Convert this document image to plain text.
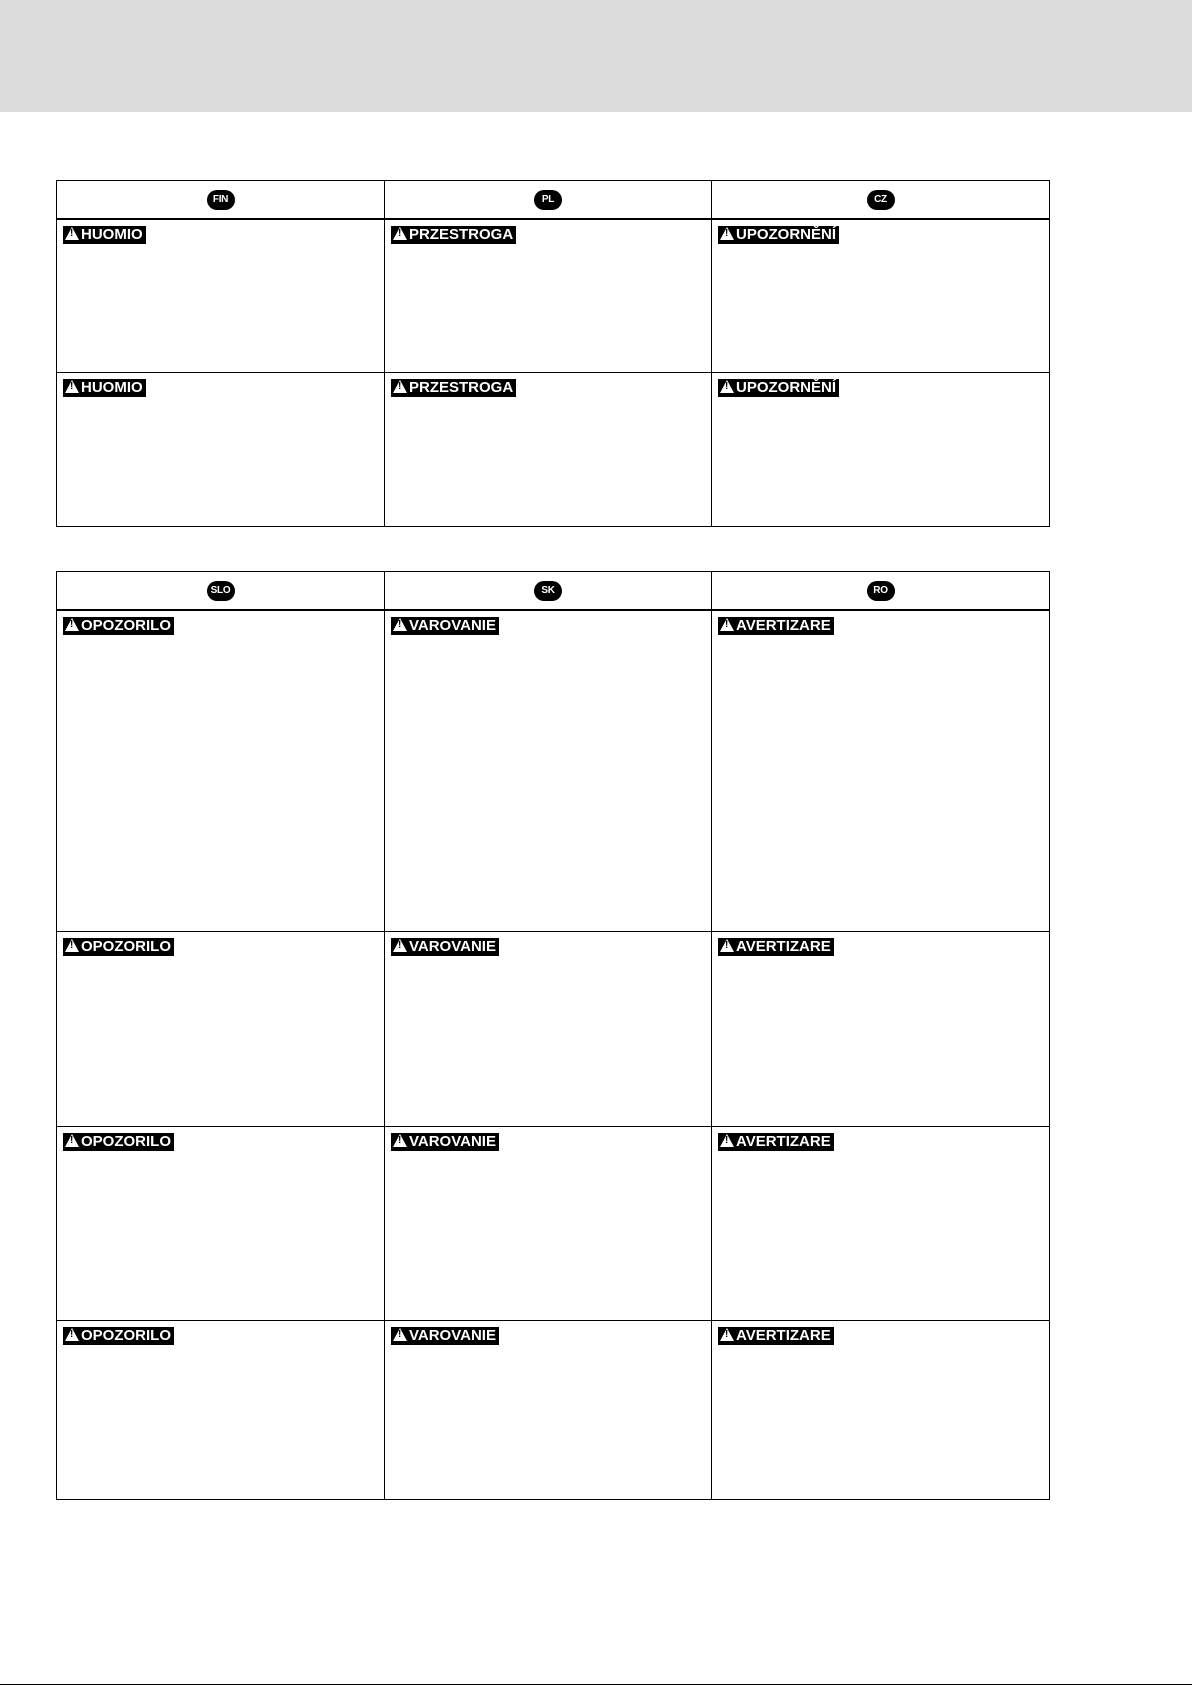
FIN	PL	CZ
!HUOMIO	!PRZESTROGA	!UPOZORNĚNÍ
!HUOMIO	!PRZESTROGA	!UPOZORNĚNÍ
SLO	SK	RO
!OPOZORILO	!VAROVANIE	!AVERTIZARE
!OPOZORILO	!VAROVANIE	!AVERTIZARE
!OPOZORILO	!VAROVANIE	!AVERTIZARE
!OPOZORILO	!VAROVANIE	!AVERTIZARE
